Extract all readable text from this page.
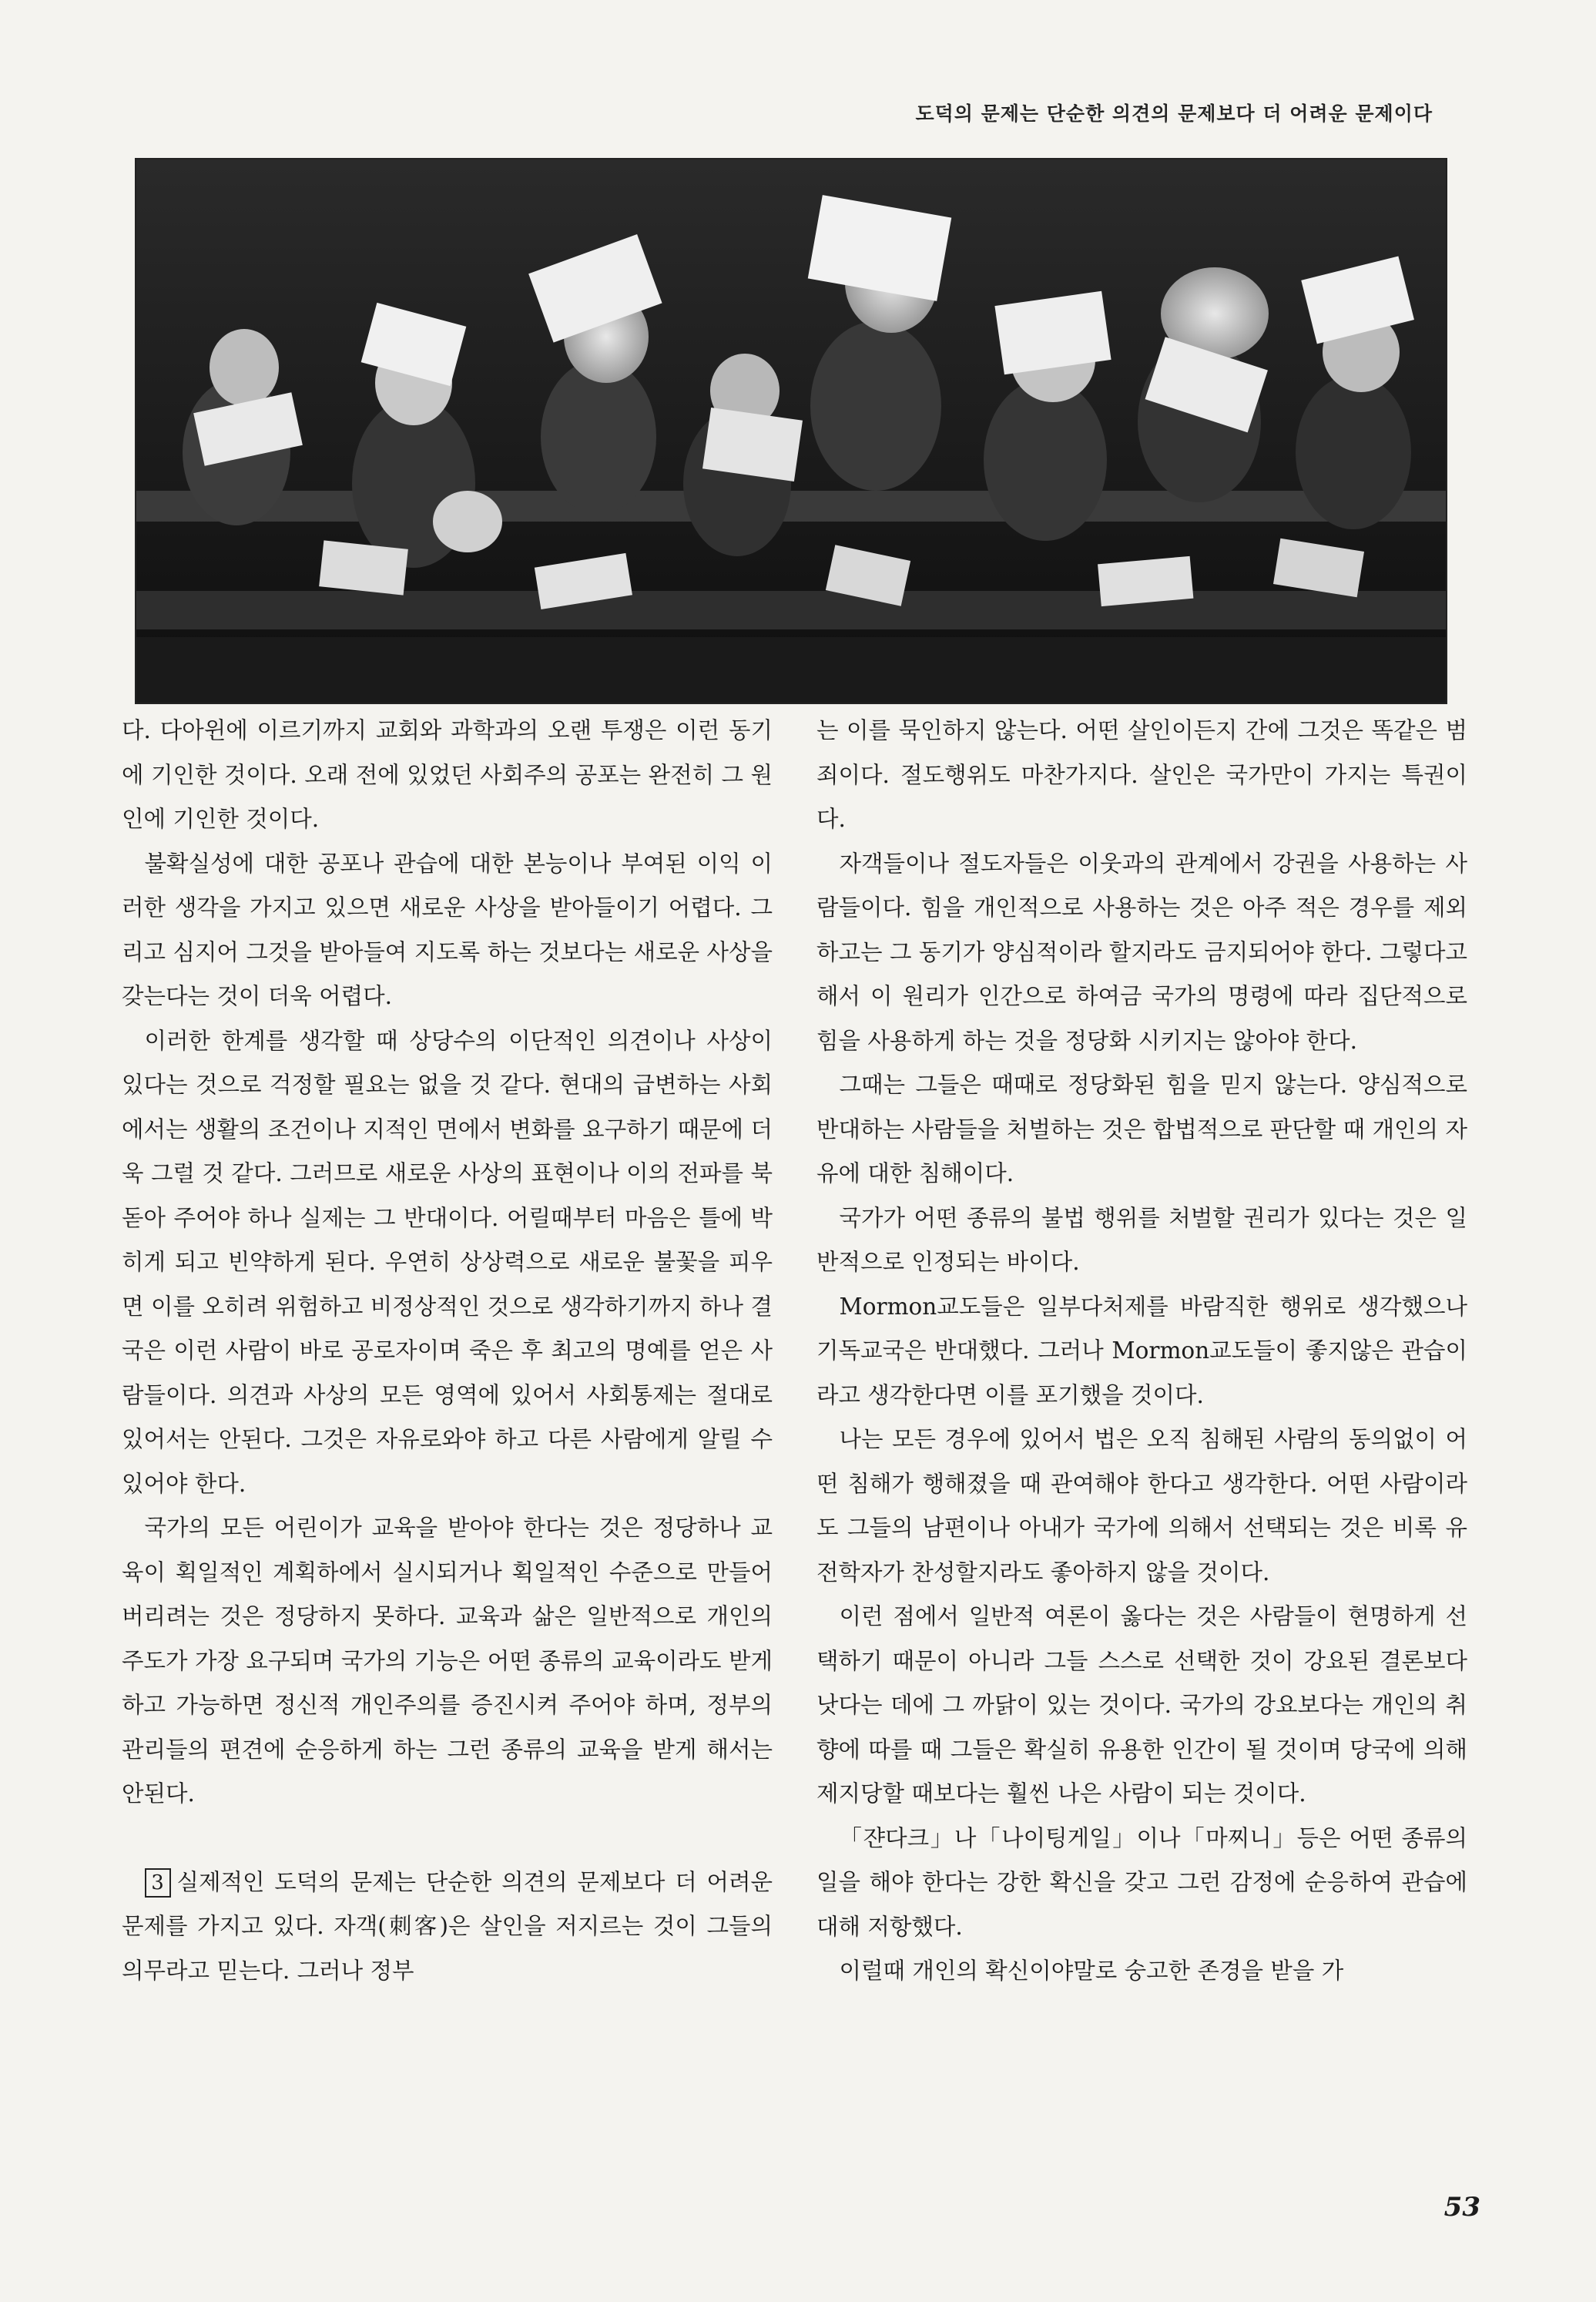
도덕의 문제는 단순한 의견의 문제보다 더 어려운 문제이다

다. 다아윈에 이르기까지 교회와 과학과의 오랜 투쟁은 이런 동기에 기인한 것이다. 오래 전에 있었던 사회주의 공포는 완전히 그 원인에 기인한 것이다.

불확실성에 대한 공포나 관습에 대한 본능이나 부여된 이익 이러한 생각을 가지고 있으면 새로운 사상을 받아들이기 어렵다. 그리고 심지어 그것을 받아들여 지도록 하는 것보다는 새로운 사상을 갖는다는 것이 더욱 어렵다.

이러한 한계를 생각할 때 상당수의 이단적인 의견이나 사상이 있다는 것으로 걱정할 필요는 없을 것 같다. 현대의 급변하는 사회에서는 생활의 조건이나 지적인 면에서 변화를 요구하기 때문에 더욱 그럴 것 같다. 그러므로 새로운 사상의 표현이나 이의 전파를 북돋아 주어야 하나 실제는 그 반대이다. 어릴때부터 마음은 틀에 박히게 되고 빈약하게 된다. 우연히 상상력으로 새로운 불꽃을 피우면 이를 오히려 위험하고 비정상적인 것으로 생각하기까지 하나 결국은 이런 사람이 바로 공로자이며 죽은 후 최고의 명예를 얻은 사람들이다. 의견과 사상의 모든 영역에 있어서 사회통제는 절대로 있어서는 안된다. 그것은 자유로와야 하고 다른 사람에게 알릴 수 있어야 한다.

국가의 모든 어린이가 교육을 받아야 한다는 것은 정당하나 교육이 획일적인 계획하에서 실시되거나 획일적인 수준으로 만들어 버리려는 것은 정당하지 못하다. 교육과 삶은 일반적으로 개인의 주도가 가장 요구되며 국가의 기능은 어떤 종류의 교육이라도 받게 하고 가능하면 정신적 개인주의를 증진시켜 주어야 하며, 정부의 관리들의 편견에 순응하게 하는 그런 종류의 교육을 받게 해서는 안된다.

3 실제적인 도덕의 문제는 단순한 의견의 문제보다 더 어려운 문제를 가지고 있다. 자객(刺客)은 살인을 저지르는 것이 그들의 의무라고 믿는다. 그러나 정부

는 이를 묵인하지 않는다. 어떤 살인이든지 간에 그것은 똑같은 범죄이다. 절도행위도 마찬가지다. 살인은 국가만이 가지는 특권이다.

자객들이나 절도자들은 이웃과의 관계에서 강권을 사용하는 사람들이다. 힘을 개인적으로 사용하는 것은 아주 적은 경우를 제외하고는 그 동기가 양심적이라 할지라도 금지되어야 한다. 그렇다고 해서 이 원리가 인간으로 하여금 국가의 명령에 따라 집단적으로 힘을 사용하게 하는 것을 정당화 시키지는 않아야 한다.

그때는 그들은 때때로 정당화된 힘을 믿지 않는다. 양심적으로 반대하는 사람들을 처벌하는 것은 합법적으로 판단할 때 개인의 자유에 대한 침해이다.

국가가 어떤 종류의 불법 행위를 처벌할 권리가 있다는 것은 일반적으로 인정되는 바이다.

Mormon교도들은 일부다처제를 바람직한 행위로 생각했으나 기독교국은 반대했다. 그러나 Mormon교도들이 좋지않은 관습이라고 생각한다면 이를 포기했을 것이다.

나는 모든 경우에 있어서 법은 오직 침해된 사람의 동의없이 어떤 침해가 행해졌을 때 관여해야 한다고 생각한다. 어떤 사람이라도 그들의 남편이나 아내가 국가에 의해서 선택되는 것은 비록 유전학자가 찬성할지라도 좋아하지 않을 것이다.

이런 점에서 일반적 여론이 옳다는 것은 사람들이 현명하게 선택하기 때문이 아니라 그들 스스로 선택한 것이 강요된 결론보다 낫다는 데에 그 까닭이 있는 것이다. 국가의 강요보다는 개인의 취향에 따를 때 그들은 확실히 유용한 인간이 될 것이며 당국에 의해 제지당할 때보다는 훨씬 나은 사람이 되는 것이다.

「쟌다크」나「나이팅게일」이나「마찌니」등은 어떤 종류의 일을 해야 한다는 강한 확신을 갖고 그런 감정에 순응하여 관습에 대해 저항했다.

이럴때 개인의 확신이야말로 숭고한 존경을 받을 가

53
